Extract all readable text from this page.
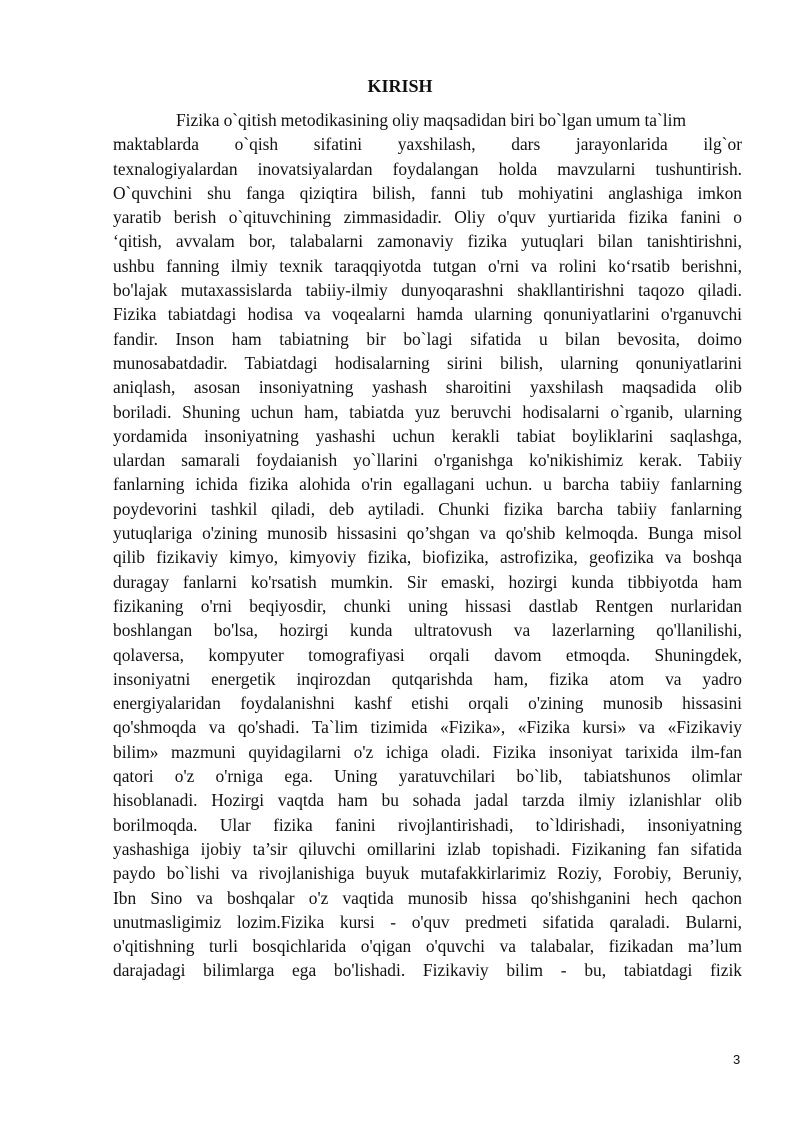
KIRISH
Fizika o`qitish metodikasining oliy maqsadidan biri bo`lgan umum ta`lim
maktablarda o`qish sifatini yaxshilash, dars jarayonlarida ilg`or
texnalogiyalardan inovatsiyalardan foydalangan holda mavzularni tushuntirish.
O`quvchini shu fanga qiziqtira bilish, fanni tub mohiyatini anglashiga imkon
yaratib berish o`qituvchining zimmasidadir. Oliy o'quv yurtiarida fizika fanini o
‘qitish, avvalam bor, talabalarni zamonaviy fizika yutuqlari bilan tanishtirishni,
ushbu fanning ilmiy texnik taraqqiyotda tutgan o'rni va rolini ko‘rsatib berishni,
bo'lajak mutaxassislarda tabiiy-ilmiy dunyoqarashni shakllantirishni taqozo qiladi.
Fizika tabiatdagi hodisa va voqealarni hamda ularning qonuniyatlarini o'rganuvchi
fandir. Inson ham tabiatning bir bo`lagi sifatida u bilan bevosita, doimo
munosabatdadir. Tabiatdagi hodisalarning sirini bilish, ularning qonuniyatlarini
aniqlash, asosan insoniyatning yashash sharoitini yaxshilash maqsadida olib
boriladi. Shuning uchun ham, tabiatda yuz beruvchi hodisalarni o`rganib, ularning
yordamida insoniyatning yashashi uchun kerakli tabiat boyliklarini saqlashga,
ulardan samarali foydaianish yo`llarini o'rganishga ko'nikishimiz kerak. Tabiiy
fanlarning ichida fizika alohida o'rin egallagani uchun. u barcha tabiiy fanlarning
poydevorini tashkil qiladi, deb aytiladi. Chunki fizika barcha tabiiy fanlarning
yutuqlariga o'zining munosib hissasini qo’shgan va qo'shib kelmoqda. Bunga misol
qilib fizikaviy kimyo, kimyoviy fizika, biofizika, astrofizika, geofizika va boshqa
duragay fanlarni ko'rsatish mumkin. Sir emaski, hozirgi kunda tibbiyotda ham
fizikaning o'rni beqiyosdir, chunki uning hissasi dastlab Rentgen nurlaridan
boshlangan bo'lsa, hozirgi kunda ultratovush va lazerlarning qo'llanilishi,
qolaversa, kompyuter tomografiyasi orqali davom etmoqda. Shuningdek,
insoniyatni energetik inqirozdan qutqarishda ham, fizika atom va yadro
energiyalaridan foydalanishni kashf etishi orqali o'zining munosib hissasini
qo'shmoqda va qo'shadi. Ta`lim tizimida «Fizika», «Fizika kursi» va «Fizikaviy
bilim» mazmuni quyidagilarni o'z ichiga oladi. Fizika insoniyat tarixida ilm-fan
qatori o'z o'rniga ega. Uning yaratuvchilari bo`lib, tabiatshunos olimlar
hisoblanadi. Hozirgi vaqtda ham bu sohada jadal tarzda ilmiy izlanishlar olib
borilmoqda. Ular fizika fanini rivojlantirishadi, to`ldirishadi, insoniyatning
yashashiga ijobiy ta’sir qiluvchi omillarini izlab topishadi. Fizikaning fan sifatida
paydo bo`lishi va rivojlanishiga buyuk mutafakkirlarimiz Roziy, Forobiy, Beruniy,
Ibn Sino va boshqalar o'z vaqtida munosib hissa qo'shishganini hech qachon
unutmasligimiz lozim.Fizika kursi - o'quv predmeti sifatida qaraladi. Bularni,
o'qitishning turli bosqichlarida o'qigan o'quvchi va talabalar, fizikadan ma’lum
darajadagi bilimlarga ega bo'lishadi. Fizikaviy bilim - bu, tabiatdagi fizik
3
